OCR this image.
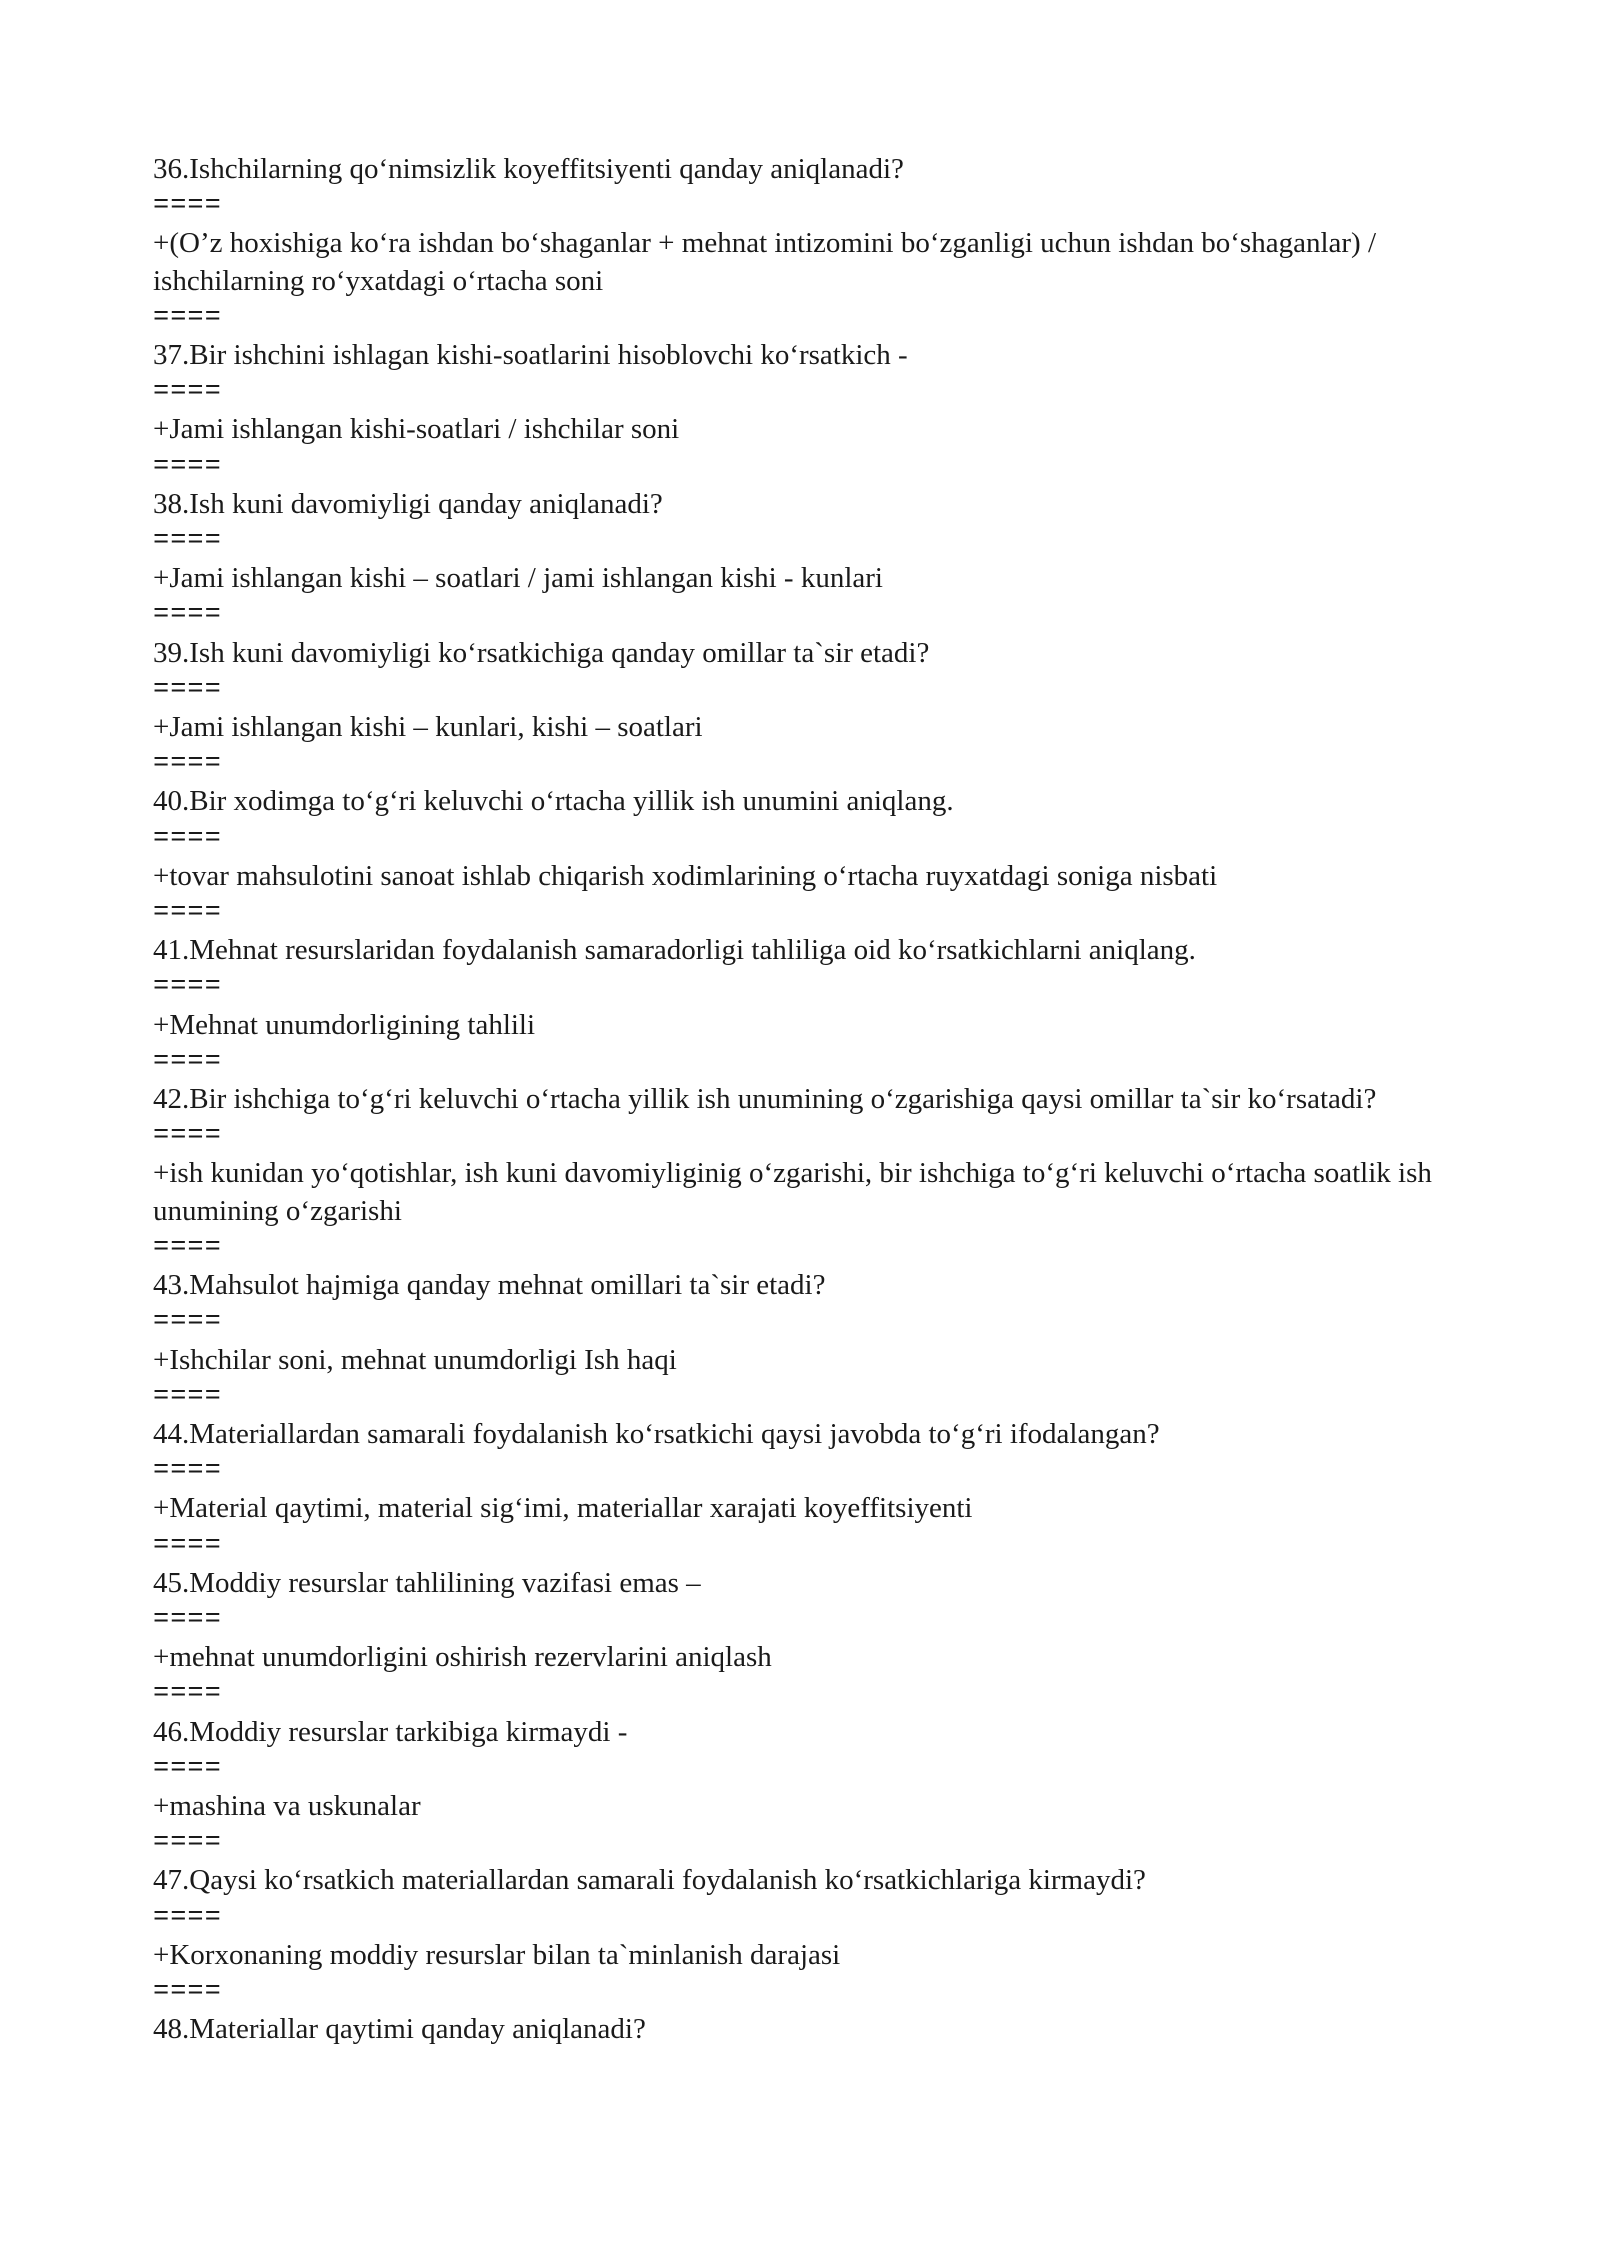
36.Ishchilarning qo‘nimsizlik koyeffitsiyenti qanday aniqlanadi?

====

+(O’z hoxishiga ko‘ra ishdan bo‘shaganlar + mehnat intizomini bo‘zganligi uchun ishdan bo‘shaganlar) / ishchilarning ro‘yxatdagi o‘rtacha soni

====

37.Bir ishchini ishlagan kishi-soatlarini hisoblovchi ko‘rsatkich -

====

+Jami ishlangan kishi-soatlari / ishchilar soni

====

38.Ish kuni davomiyligi qanday aniqlanadi?

====

+Jami ishlangan kishi – soatlari / jami ishlangan kishi - kunlari

====

39.Ish kuni davomiyligi ko‘rsatkichiga qanday omillar ta`sir etadi?

====

+Jami ishlangan kishi – kunlari, kishi – soatlari

====

40.Bir xodimga to‘g‘ri keluvchi o‘rtacha yillik ish unumini aniqlang.

====

+tovar mahsulotini sanoat ishlab chiqarish xodimlarining o‘rtacha ruyxatdagi soniga nisbati

====

41.Mehnat resurslaridan foydalanish samaradorligi tahliliga oid ko‘rsatkichlarni aniqlang.

====

+Mehnat unumdorligining tahlili

====

42.Bir ishchiga to‘g‘ri keluvchi o‘rtacha yillik ish unumining o‘zgarishiga qaysi omillar ta`sir ko‘rsatadi?

====

+ish kunidan yo‘qotishlar, ish kuni davomiyliginig o‘zgarishi, bir ishchiga to‘g‘ri keluvchi o‘rtacha soatlik ish unumining o‘zgarishi

====

43.Mahsulot hajmiga qanday mehnat omillari ta`sir etadi?

====

+Ishchilar soni, mehnat unumdorligi Ish haqi

====

44.Materiallardan samarali foydalanish ko‘rsatkichi qaysi javobda to‘g‘ri ifodalangan?

====

+Material qaytimi, material sig‘imi, materiallar xarajati koyeffitsiyenti

====

45.Moddiy resurslar tahlilining vazifasi emas –

====

+mehnat unumdorligini oshirish rezervlarini aniqlash

====

46.Moddiy resurslar tarkibiga kirmaydi -

====

+mashina va uskunalar

====

47.Qaysi ko‘rsatkich materiallardan samarali foydalanish ko‘rsatkichlariga kirmaydi?

====

+Korxonaning moddiy resurslar bilan ta`minlanish darajasi

====

48.Materiallar qaytimi qanday aniqlanadi?
